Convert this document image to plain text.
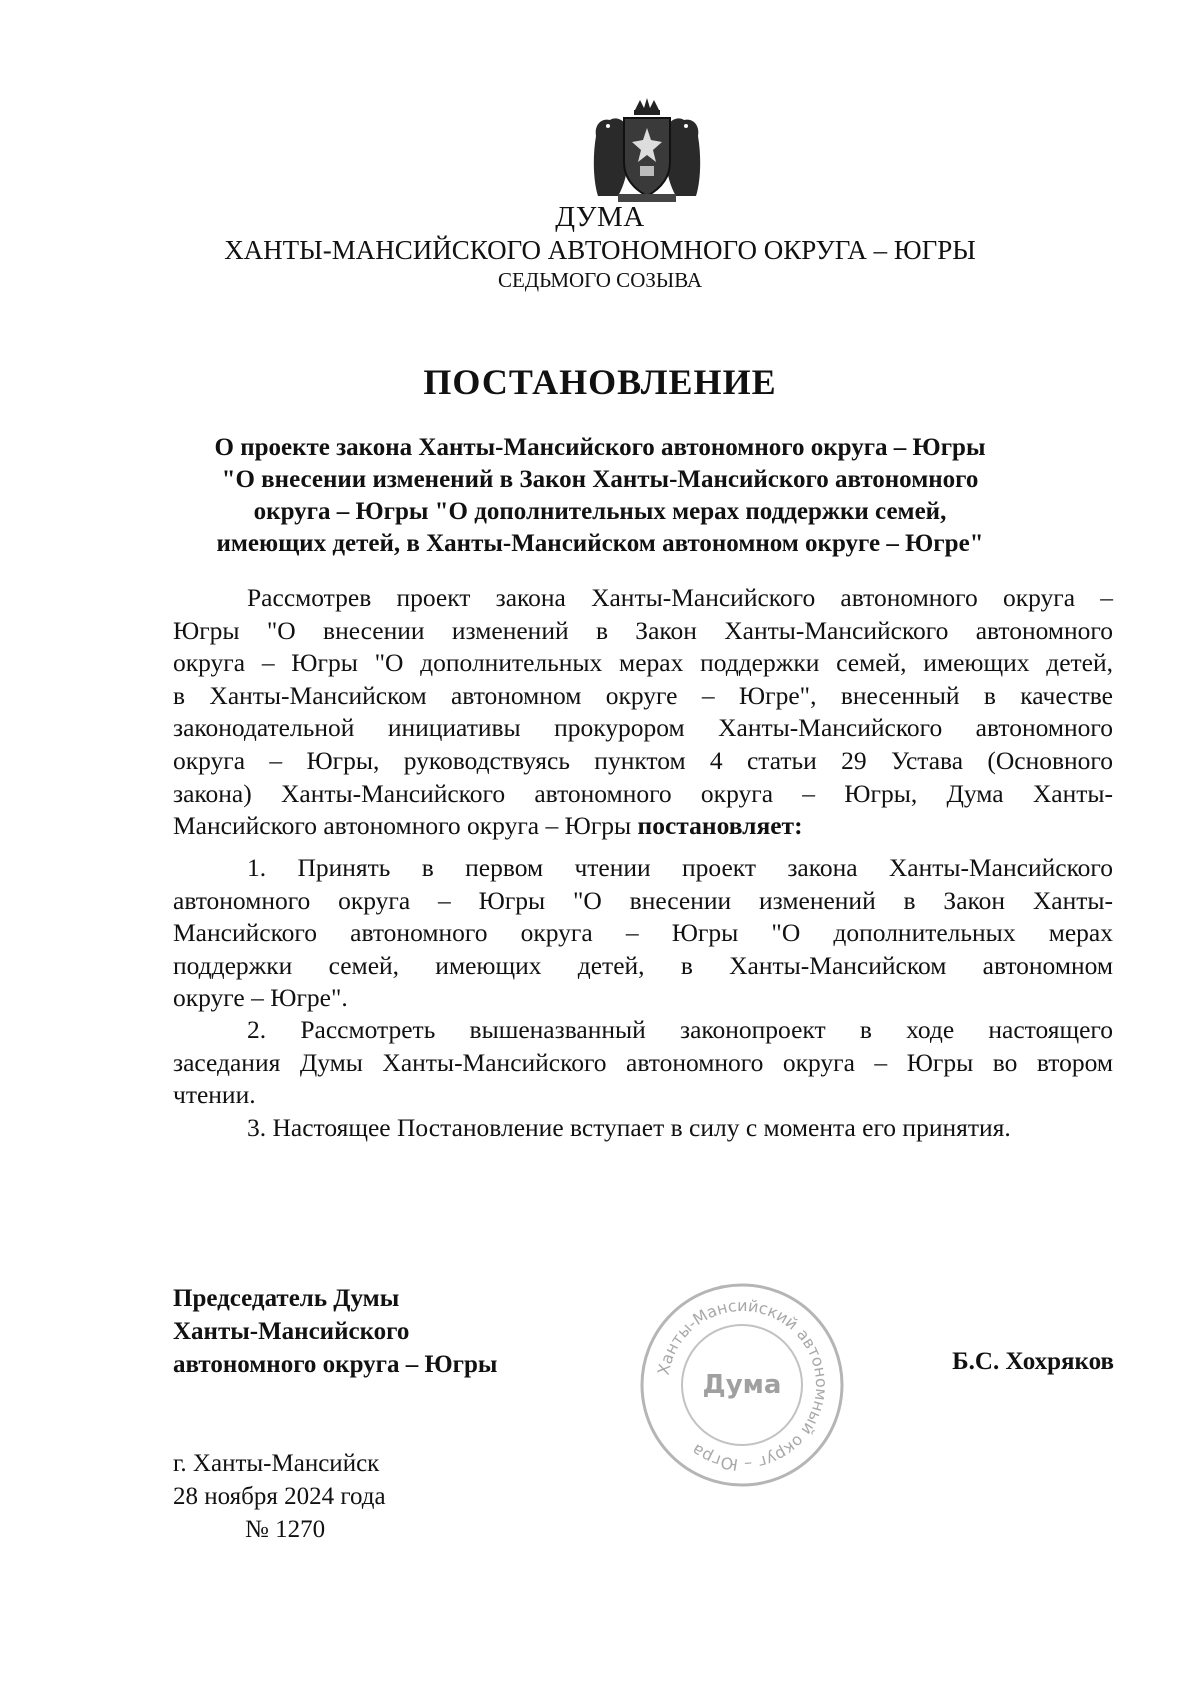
ДУМА
ХАНТЫ-МАНСИЙСКОГО АВТОНОМНОГО ОКРУГА – ЮГРЫ
СЕДЬМОГО СОЗЫВА
ПОСТАНОВЛЕНИЕ
О проекте закона Ханты-Мансийского автономного округа – Югры
"О внесении изменений в Закон Ханты-Мансийского автономного
округа – Югры "О дополнительных мерах поддержки семей,
имеющих детей, в Ханты-Мансийском автономном округе – Югре"
Рассмотрев проект закона Ханты-Мансийского автономного округа –
Югры "О внесении изменений в Закон Ханты-Мансийского автономного
округа – Югры "О дополнительных мерах поддержки семей, имеющих детей,
в Ханты-Мансийском автономном округе – Югре", внесенный в качестве
законодательной инициативы прокурором Ханты-Мансийского автономного
округа – Югры, руководствуясь пунктом 4 статьи 29 Устава (Основного
закона) Ханты-Мансийского автономного округа – Югры, Дума Ханты-
Мансийского автономного округа – Югры постановляет:
1. Принять в первом чтении проект закона Ханты-Мансийского
автономного округа – Югры "О внесении изменений в Закон Ханты-
Мансийского автономного округа – Югры "О дополнительных мерах
поддержки семей, имеющих детей, в Ханты-Мансийском автономном
округе – Югре".
2. Рассмотреть вышеназванный законопроект в ходе настоящего
заседания Думы Ханты-Мансийского автономного округа – Югры во втором
чтении.
3. Настоящее Постановление вступает в силу с момента его принятия.
Председатель Думы
Ханты-Мансийского
автономного округа – Югры	Ханты-Мансийский автономный округ – Югра
Дума
Б.С. Хохряков
г. Ханты-Мансийск
28 ноября 2024 года
№ 1270
